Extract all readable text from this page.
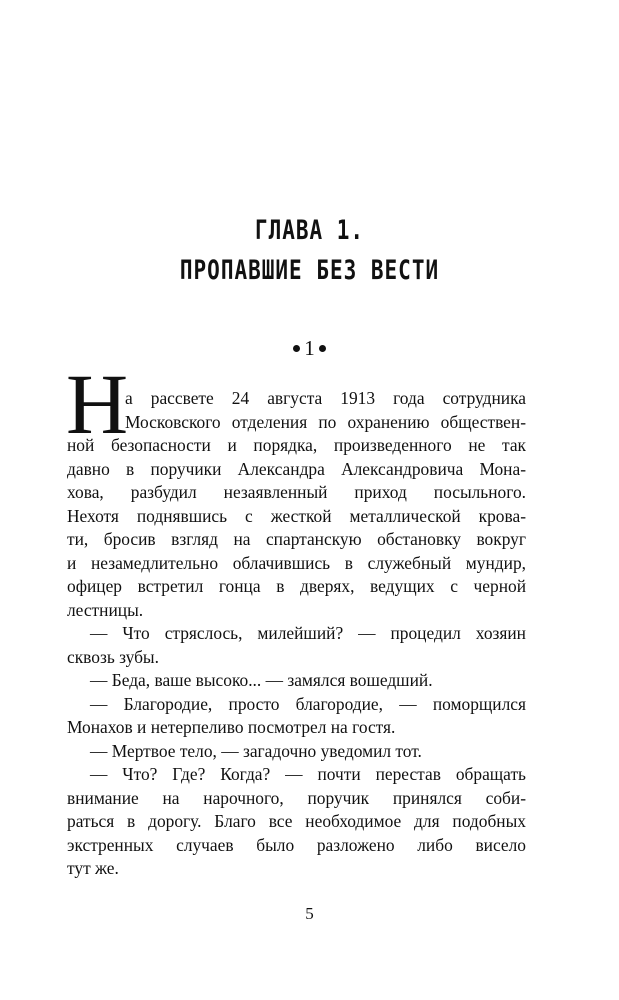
ГЛАВА 1.
ПРОПАВШИЕ БЕЗ ВЕСТИ
1
Н
а рассвете 24 августа 1913 года сотрудника
Московского отделения по охранению обществен-
ной безопасности и порядка, произведенного не так
давно в поручики Александра Александровича Мона-
хова, разбудил незаявленный приход посыльного.
Нехотя поднявшись с жесткой металлической крова-
ти, бросив взгляд на спартанскую обстановку вокруг
и незамедлительно облачившись в служебный мундир,
офицер встретил гонца в дверях, ведущих с черной
лестницы.
— Что стряслось, милейший? — процедил хозяин
сквозь зубы.
— Беда, ваше высоко... — замялся вошедший.
— Благородие, просто благородие, — поморщился
Монахов и нетерпеливо посмотрел на гостя.
— Мертвое тело, — загадочно уведомил тот.
— Что? Где? Когда? — почти перестав обращать
внимание на нарочного, поручик принялся соби-
раться в дорогу. Благо все необходимое для подобных
экстренных случаев было разложено либо висело
тут же.
5
